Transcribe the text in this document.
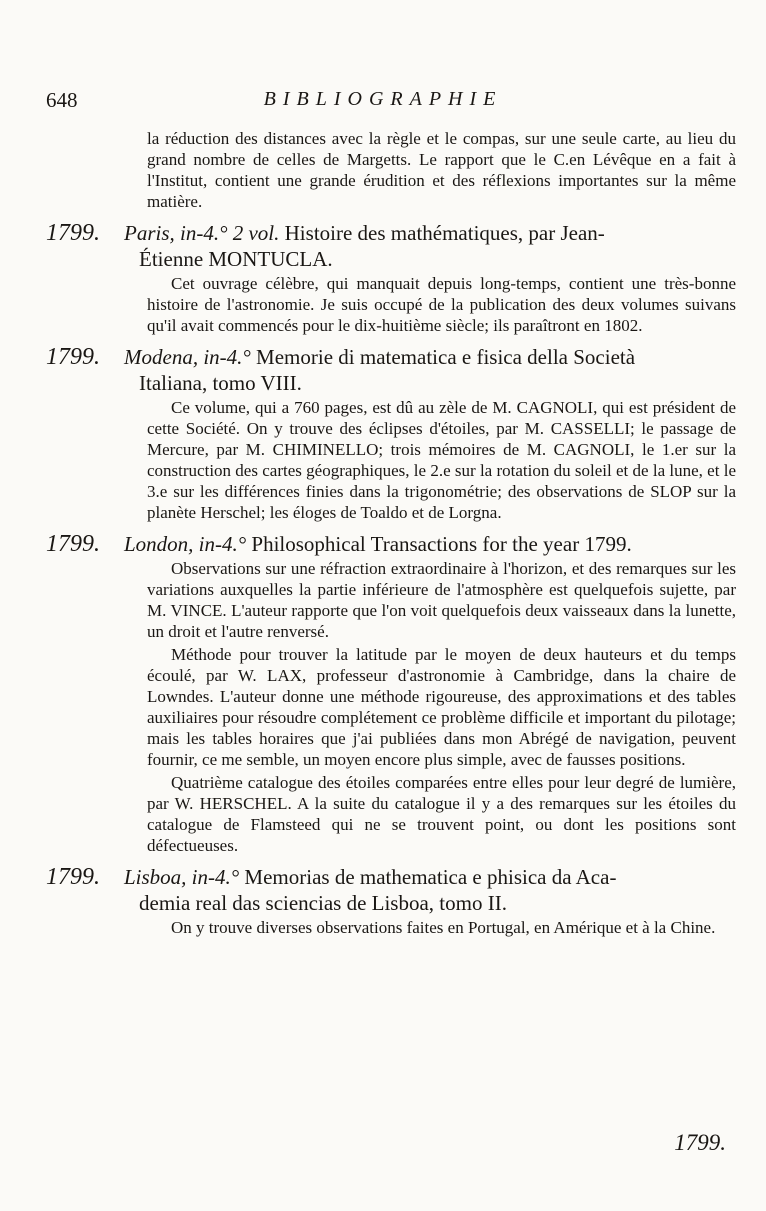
648	BIBLIOGRAPHIE

la réduction des distances avec la règle et le compas, sur une seule carte, au lieu du grand nombre de celles de Margetts. Le rapport que le C.en Lévêque en a fait à l'Institut, contient une grande érudition et des réflexions importantes sur la même matière.

1799. Paris, in-4.° 2 vol. Histoire des mathématiques, par Jean-

Étienne MONTUCLA.

Cet ouvrage célèbre, qui manquait depuis long-temps, contient une très-bonne histoire de l'astronomie. Je suis occupé de la publication des deux volumes suivans qu'il avait commencés pour le dix-huitième siècle; ils paraîtront en 1802.

1799. Modena, in-4.° Memorie di matematica e fisica della Società

Italiana, tomo VIII.

Ce volume, qui a 760 pages, est dû au zèle de M. CAGNOLI, qui est président de cette Société. On y trouve des éclipses d'étoiles, par M. CASSELLI; le passage de Mercure, par M. CHIMINELLO; trois mémoires de M. CAGNOLI, le 1.er sur la construction des cartes géographiques, le 2.e sur la rotation du soleil et de la lune, et le 3.e sur les différences finies dans la trigonométrie; des observations de SLOP sur la planète Herschel; les éloges de Toaldo et de Lorgna.

1799. London, in-4.° Philosophical Transactions for the year 1799.

Observations sur une réfraction extraordinaire à l'horizon, et des remarques sur les variations auxquelles la partie inférieure de l'atmosphère est quelquefois sujette, par M. VINCE. L'auteur rapporte que l'on voit quelquefois deux vaisseaux dans la lunette, un droit et l'autre renversé.

Méthode pour trouver la latitude par le moyen de deux hauteurs et du temps écoulé, par W. LAX, professeur d'astronomie à Cambridge, dans la chaire de Lowndes. L'auteur donne une méthode rigoureuse, des approximations et des tables auxiliaires pour résoudre complétement ce problème difficile et important du pilotage; mais les tables horaires que j'ai publiées dans mon Abrégé de navigation, peuvent fournir, ce me semble, un moyen encore plus simple, avec de fausses positions.

Quatrième catalogue des étoiles comparées entre elles pour leur degré de lumière, par W. HERSCHEL. A la suite du catalogue il y a des remarques sur les étoiles du catalogue de Flamsteed qui ne se trouvent point, ou dont les positions sont défectueuses.

1799. Lisboa, in-4.° Memorias de mathematica e phisica da Aca-

demia real das sciencias de Lisboa, tomo II.

On y trouve diverses observations faites en Portugal, en Amérique et à la Chine.

1799.
